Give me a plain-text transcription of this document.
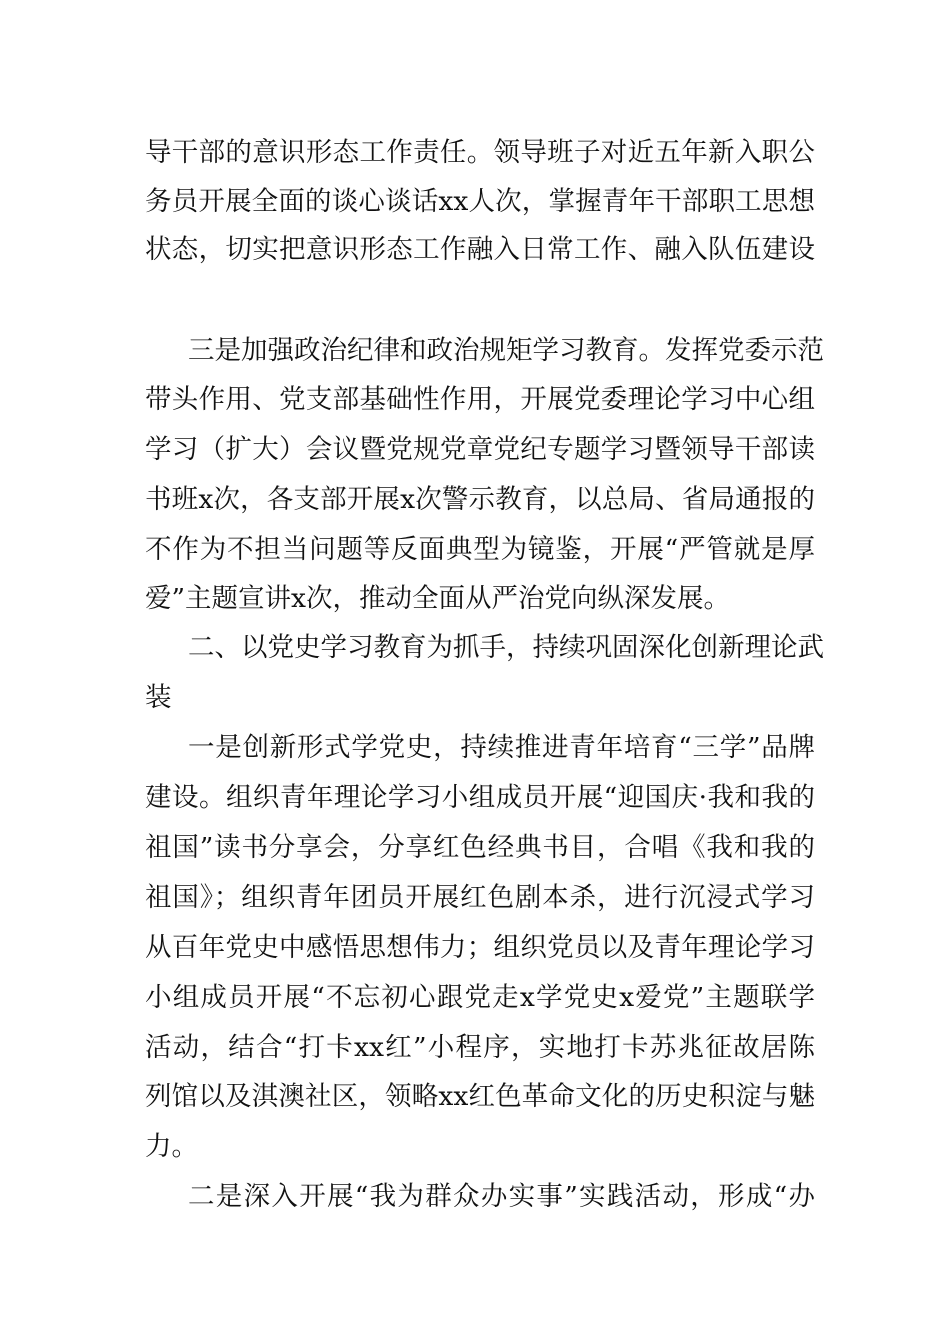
导干部的意识形态工作责任。领导班子对近五年新入职公
务员开展全面的谈心谈话xx人次，掌握青年干部职工思想
状态，切实把意识形态工作融入日常工作、融入队伍建设
三是加强政治纪律和政治规矩学习教育。发挥党委示范
带头作用、党支部基础性作用，开展党委理论学习中心组
学习（扩大）会议暨党规党章党纪专题学习暨领导干部读
书班x次，各支部开展x次警示教育，以总局、省局通报的
不作为不担当问题等反面典型为镜鉴，开展“严管就是厚
爱”主题宣讲x次，推动全面从严治党向纵深发展。
二、以党史学习教育为抓手，持续巩固深化创新理论武
装
一是创新形式学党史，持续推进青年培育“三学”品牌
建设。组织青年理论学习小组成员开展“迎国庆·我和我的
祖国”读书分享会，分享红色经典书目，合唱《我和我的
祖国》；组织青年团员开展红色剧本杀，进行沉浸式学习
从百年党史中感悟思想伟力；组织党员以及青年理论学习
小组成员开展“不忘初心跟党走x学党史x爱党”主题联学
活动，结合“打卡xx红”小程序，实地打卡苏兆征故居陈
列馆以及淇澳社区，领略xx红色革命文化的历史积淀与魅
力。
二是深入开展“我为群众办实事”实践活动，形成“办
